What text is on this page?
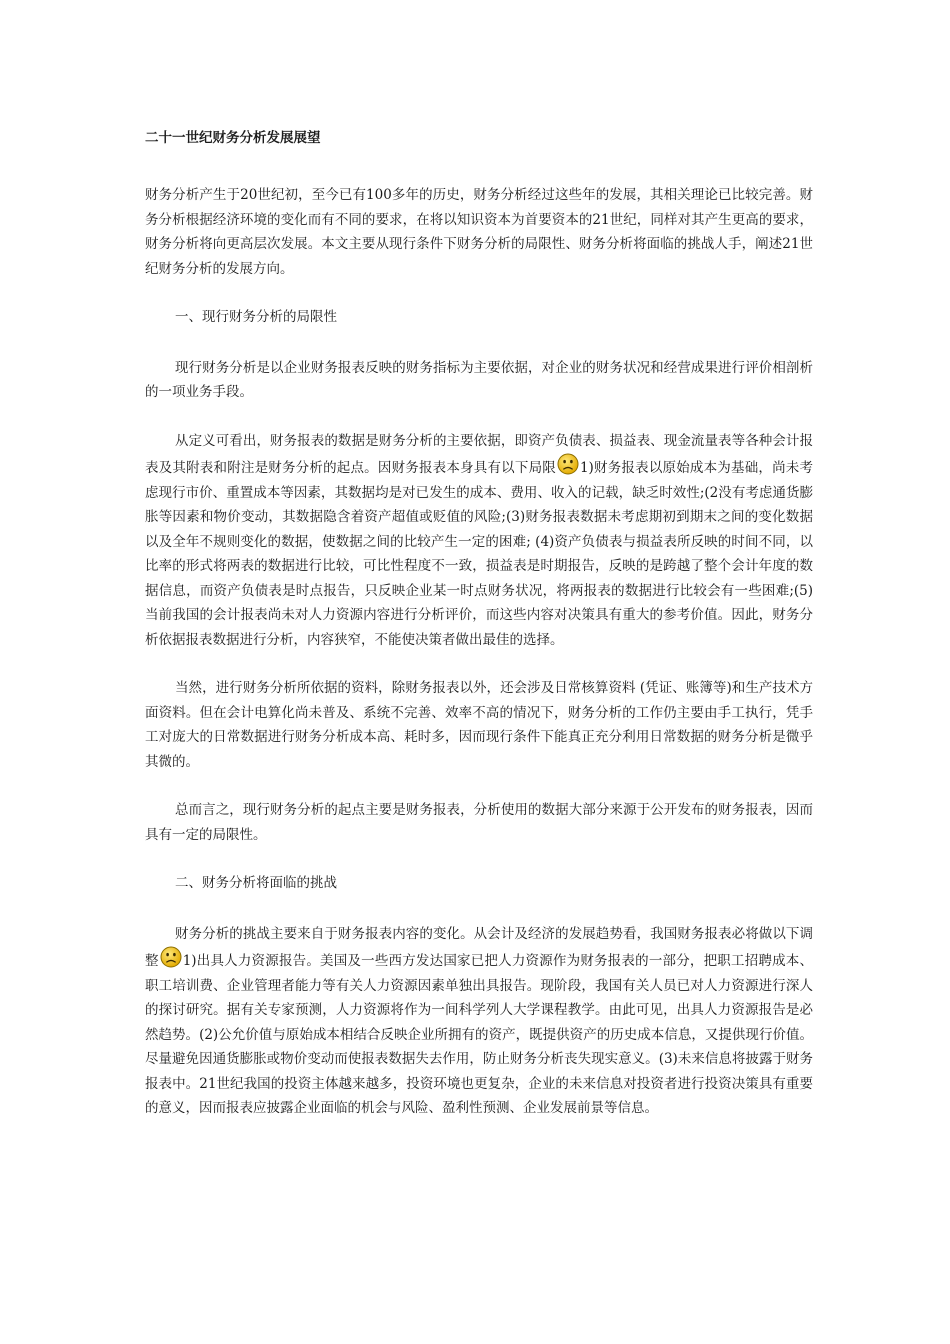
二十一世纪财务分析发展展望

财务分析产生于20世纪初，至今已有100多年的历史，财务分析经过这些年的发展，其相关理论已比较完善。财务分析根据经济环境的变化而有不同的要求，在将以知识资本为首要资本的21世纪，同样对其产生更高的要求，财务分析将向更高层次发展。本文主要从现行条件下财务分析的局限性、财务分析将面临的挑战人手，阐述21世纪财务分析的发展方向。

一、现行财务分析的局限性

现行财务分析是以企业财务报表反映的财务指标为主要依据，对企业的财务状况和经营成果进行评价相剖析的一项业务手段。

从定义可看出，财务报表的数据是财务分析的主要依据，即资产负债表、损益表、现金流量表等各种会计报表及其附表和附注是财务分析的起点。因财务报表本身具有以下局限 1)财务报表以原始成本为基础，尚未考虑现行市价、重置成本等因素，其数据均是对已发生的成本、费用、收入的记载，缺乏时效性;(2没有考虑通货膨胀等因素和物价变动，其数据隐含着资产超值或贬值的风险;(3)财务报表数据未考虑期初到期末之间的变化数据以及全年不规则变化的数据，使数据之间的比较产生一定的困难; (4)资产负债表与损益表所反映的时间不同，以比率的形式将两表的数据进行比较，可比性程度不一致，损益表是时期报告，反映的是跨越了整个会计年度的数据信息，而资产负债表是时点报告，只反映企业某一时点财务状况，将两报表的数据进行比较会有一些困难;(5)当前我国的会计报表尚未对人力资源内容进行分析评价，而这些内容对决策具有重大的参考价值。因此，财务分析依据报表数据进行分析，内容狭窄，不能使决策者做出最佳的选择。

当然，进行财务分析所依据的资料，除财务报表以外，还会涉及日常核算资料 (凭证、账簿等)和生产技术方面资料。但在会计电算化尚未普及、系统不完善、效率不高的情况下，财务分析的工作仍主要由手工执行，凭手工对庞大的日常数据进行财务分析成本高、耗时多，因而现行条件下能真正充分利用日常数据的财务分析是微乎其微的。

总而言之，现行财务分析的起点主要是财务报表，分析使用的数据大部分来源于公开发布的财务报表，因而具有一定的局限性。

二、财务分析将面临的挑战

财务分析的挑战主要来自于财务报表内容的变化。从会计及经济的发展趋势看，我国财务报表必将做以下调整 1)出具人力资源报告。美国及一些西方发达国家已把人力资源作为财务报表的一部分，把职工招聘成本、职工培训费、企业管理者能力等有关人力资源因素单独出具报告。现阶段，我国有关人员已对人力资源进行深人的探讨研究。据有关专家预测，人力资源将作为一间科学列人大学课程教学。由此可见，出具人力资源报告是必然趋势。(2)公允价值与原始成本相结合反映企业所拥有的资产，既提供资产的历史成本信息，又提供现行价值。尽量避免因通货膨胀或物价变动而使报表数据失去作用，防止财务分析丧失现实意义。(3)未来信息将披露于财务报表中。21世纪我国的投资主体越来越多，投资环境也更复杂，企业的未来信息对投资者进行投资决策具有重要的意义，因而报表应披露企业面临的机会与风险、盈利性预测、企业发展前景等信息。
